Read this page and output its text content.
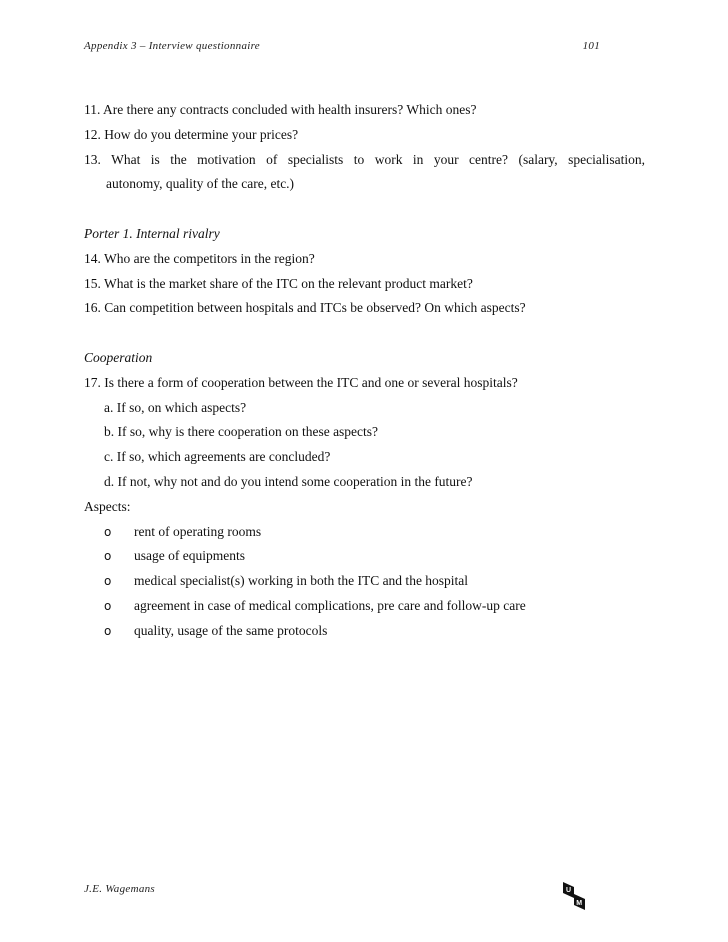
Appendix 3 – Interview questionnaire	101
11. Are there any contracts concluded with health insurers? Which ones?
12. How do you determine your prices?
13. What is the motivation of specialists to work in your centre? (salary, specialisation,
autonomy, quality of the care, etc.)
Porter 1. Internal rivalry
14. Who are the competitors in the region?
15. What is the market share of the ITC on the relevant product market?
16. Can competition between hospitals and ITCs be observed? On which aspects?
Cooperation
17. Is there a form of cooperation between the ITC and one or several hospitals?
a. If so, on which aspects?
b. If so, why is there cooperation on these aspects?
c. If so, which agreements are concluded?
d. If not, why not and do you intend some cooperation in the future?
Aspects:
o rent of operating rooms
o usage of equipments
o medical specialist(s) working in both the ITC and the hospital
o agreement in case of medical complications, pre care and follow-up care
o quality, usage of the same protocols
J.E. Wagemans	U
M
